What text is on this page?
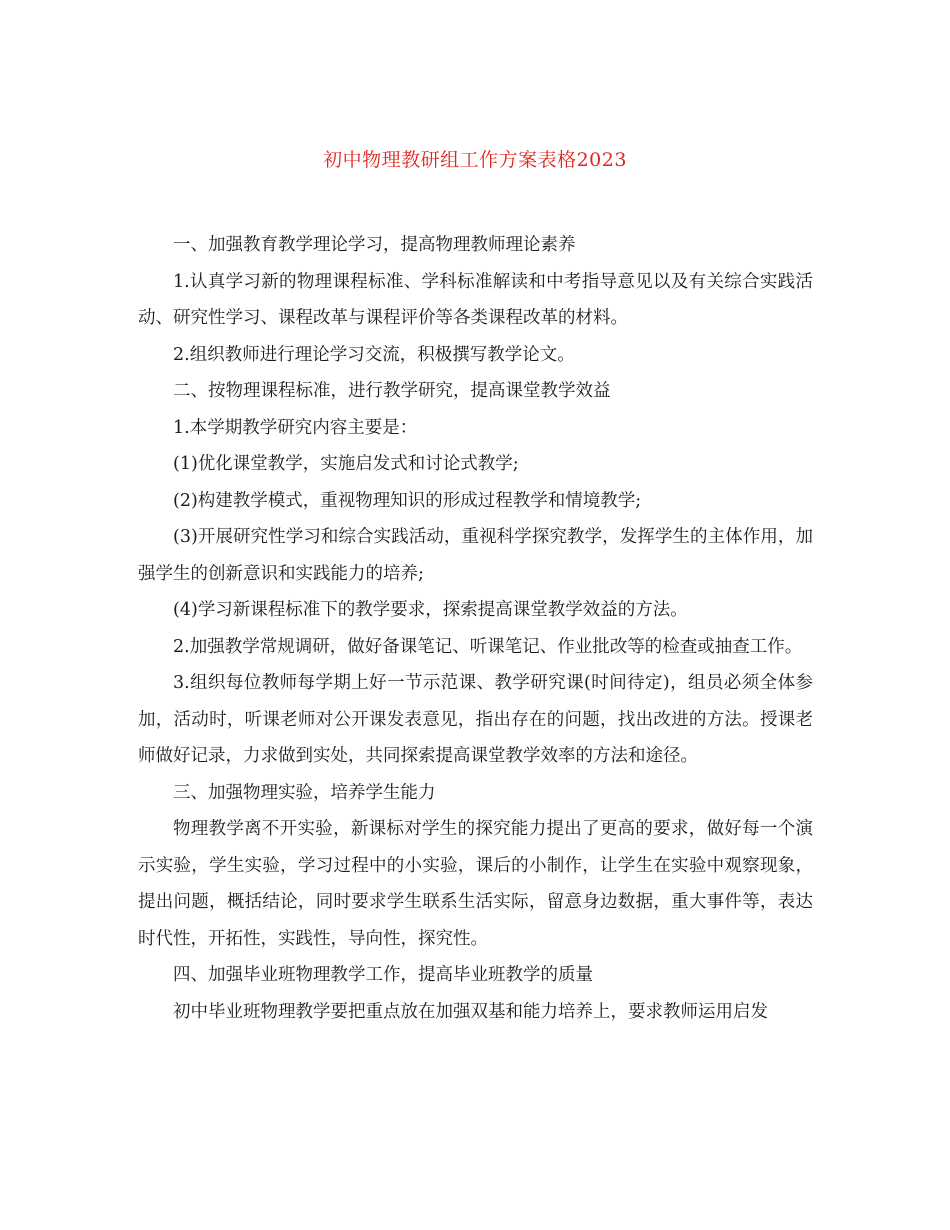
初中物理教研组工作方案表格2023

一、加强教育教学理论学习，提高物理教师理论素养

1.认真学习新的物理课程标准、学科标准解读和中考指导意见以及有关综合实践活动、研究性学习、课程改革与课程评价等各类课程改革的材料。

2.组织教师进行理论学习交流，积极撰写教学论文。

二、按物理课程标准，进行教学研究，提高课堂教学效益

1.本学期教学研究内容主要是：

(1)优化课堂教学，实施启发式和讨论式教学;

(2)构建教学模式，重视物理知识的形成过程教学和情境教学;

(3)开展研究性学习和综合实践活动，重视科学探究教学，发挥学生的主体作用，加强学生的创新意识和实践能力的培养;

(4)学习新课程标准下的教学要求，探索提高课堂教学效益的方法。

2.加强教学常规调研，做好备课笔记、听课笔记、作业批改等的检查或抽查工作。

3.组织每位教师每学期上好一节示范课、教学研究课(时间待定)，组员必须全体参加，活动时，听课老师对公开课发表意见，指出存在的问题，找出改进的方法。授课老师做好记录，力求做到实处，共同探索提高课堂教学效率的方法和途径。

三、加强物理实验，培养学生能力

物理教学离不开实验，新课标对学生的探究能力提出了更高的要求，做好每一个演示实验，学生实验，学习过程中的小实验，课后的小制作，让学生在实验中观察现象，提出问题，概括结论，同时要求学生联系生活实际，留意身边数据，重大事件等，表达时代性，开拓性，实践性，导向性，探究性。

四、加强毕业班物理教学工作，提高毕业班教学的质量

初中毕业班物理教学要把重点放在加强双基和能力培养上，要求教师运用启发
